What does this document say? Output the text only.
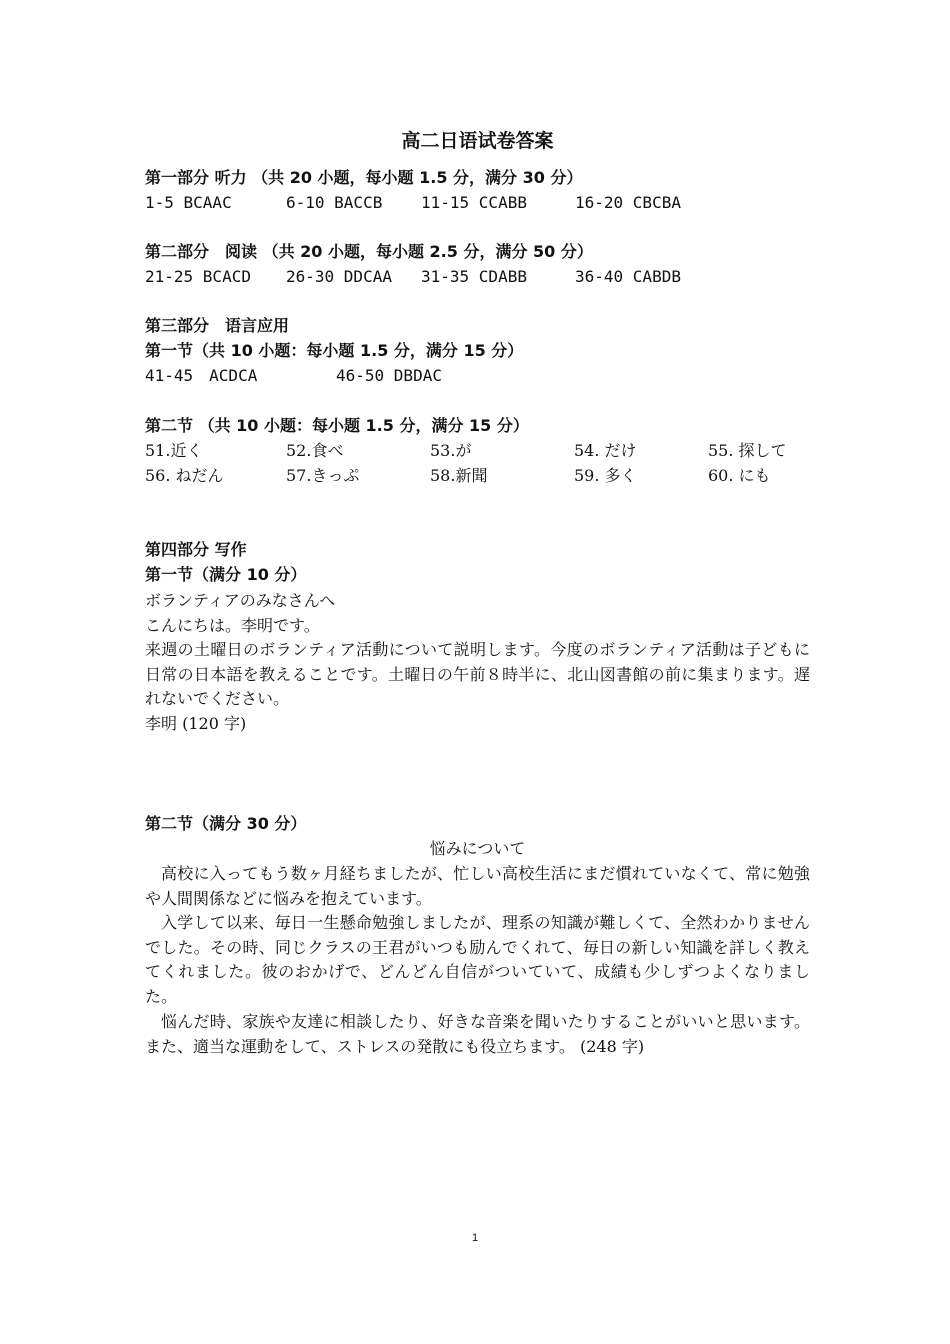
高二日语试卷答案
第一部分 听力 （共 20 小题，每小题 1.5 分，满分 30 分）
1-5 BCAAC	6-10 BACCB 11-15 CCABB	16-20 CBCBA
第二部分　阅读 （共 20 小题，每小题 2.5 分，满分 50 分）
21-25 BCACD 26-30 DDCAA 31-35 CDABB	36-40 CABDB
第三部分　语言应用
第一节（共 10 小题：每小题 1.5 分，满分 15 分）
41-45　ACDCA	46-50 DBDAC
第二节 （共 10 小题：每小题 1.5 分，满分 15 分）
51.近く	52.食べ	53.が	54. だけ	55. 探して
56. ねだん	57.きっぷ	58.新聞	59. 多く	60. にも
第四部分 写作
第一节（满分 10 分）
ボランティアのみなさんへ
こんにちは。李明です。
来週の土曜日のボランティア活動について説明します。今度のボランティア活動は子どもに日常の日本語を教えることです。土曜日の午前８時半に、北山図書館の前に集まります。遅れないでください。
李明 (120 字)
第二节（满分 30 分）
悩みについて
高校に入ってもう数ヶ月経ちましたが、忙しい高校生活にまだ慣れていなくて、常に勉強や人間関係などに悩みを抱えています。
入学して以来、毎日一生懸命勉強しましたが、理系の知識が難しくて、全然わかりませんでした。その時、同じクラスの王君がいつも励んでくれて、毎日の新しい知識を詳しく教えてくれました。彼のおかげで、どんどん自信がついていて、成績も少しずつよくなりました。
悩んだ時、家族や友達に相談したり、好きな音楽を聞いたりすることがいいと思います。また、適当な運動をして、ストレスの発散にも役立ちます。 (248 字)
1
